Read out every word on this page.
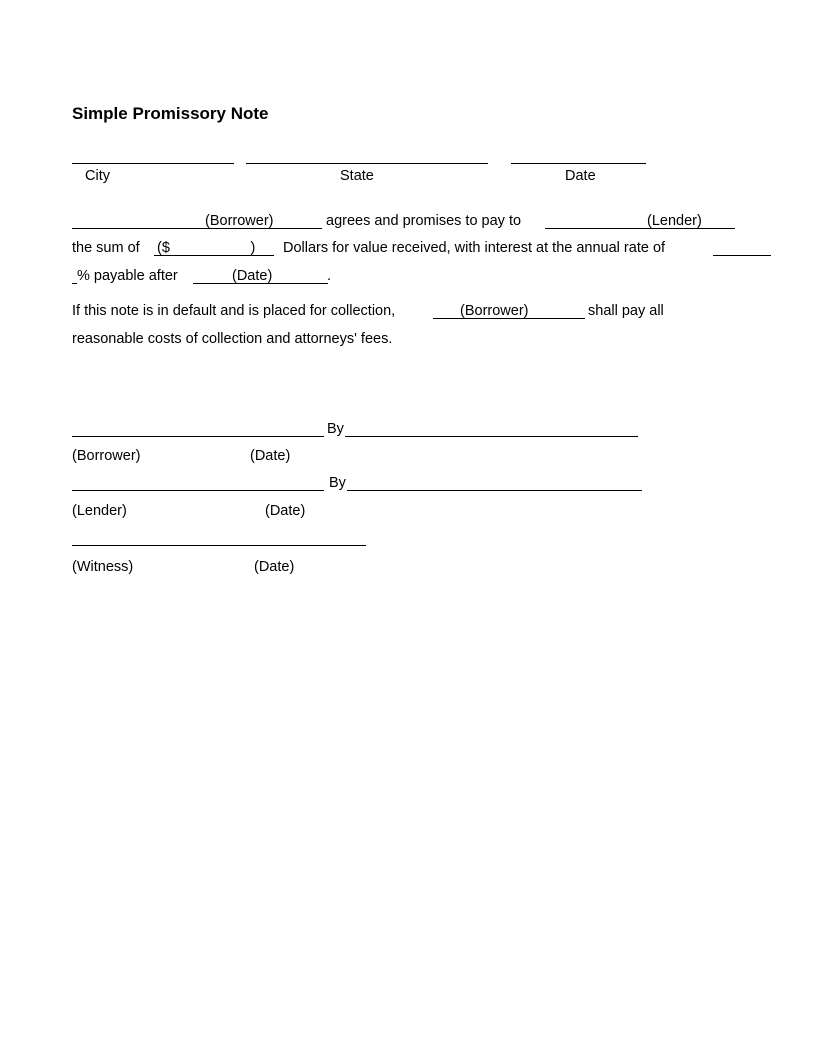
Simple Promissory Note
City	State	Date
(Borrower)	agrees and promises to pay to	(Lender)
the sum of ($                    ) Dollars for value received, with interest at the annual rate of
% payable after	(Date)	.
If this note is in default and is placed for collection,	(Borrower)	shall pay all
reasonable costs of collection and attorneys' fees.
By
(Borrower)	(Date)
By
(Lender)	(Date)
(Witness)	(Date)
